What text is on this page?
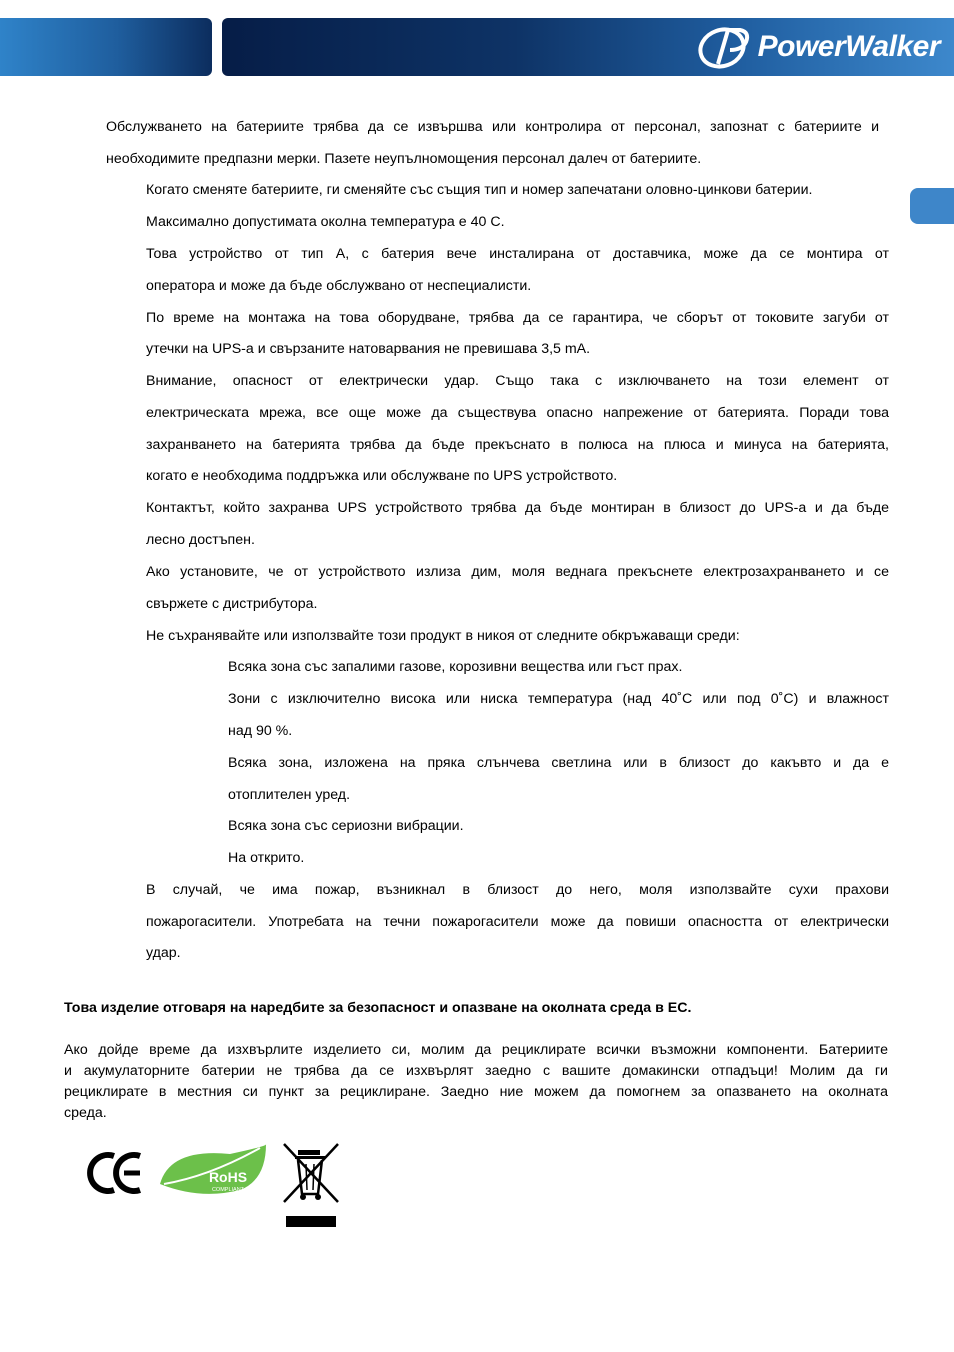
PowerWalker

Обслужването на батериите трябва да се извършва или контролира от персонал, запознат с батериите и

необходимите предпазни мерки. Пазете неупълномощения персонал далеч от батериите.

Когато сменяте батериите, ги сменяйте със същия тип и номер запечатани оловно-цинкови батерии.

Максимално допустимата околна температура е 40 C.

Това устройство от тип А, с батерия вече инсталирана от доставчика, може да се монтира от

оператора и може да бъде обслужвано от неспециалисти.

По време на монтажа на това оборудване, трябва да се гарантира, че сборът от токовите загуби от

утечки на UPS-а и свързаните натоварвания не превишава 3,5 mA.

Внимание, опасност от електрически удар. Също така с изключването на този елемент от

електрическата мрежа, все още може да съществува опасно напрежение от батерията. Поради това

захранването на батерията трябва да бъде прекъснато в полюса на плюса и минуса на батерията,

когато е необходима поддръжка или обслужване по UPS устройството.

Контактът, който захранва UPS устройството трябва да бъде монтиран в близост до UPS-а и да бъде

лесно достъпен.

Ако установите, че от устройството излиза дим, моля веднага прекъснете електрозахранването и се

свържете с дистрибутора.

Не съхранявайте или използвайте този продукт в никоя от следните обкръжаващи среди:

Всяка зона със запалими газове, корозивни вещества или гъст прах.

Зони с изключително висока или ниска температура (над 40˚C или под 0˚C) и влажност

над 90 %.

Всяка зона, изложена на пряка слънчева светлина или в близост до какъвто и да е

отоплителен уред.

Всяка зона със сериозни вибрации.

На открито.

В случай, че има пожар, възникнал в близост до него, моля използвайте сухи прахови

пожарогасители. Употребата на течни пожарогасители може да повиши опасността от електрически

удар.

Това изделие отговаря на наредбите за безопасност и опазване на околната среда в ЕС.

Ако дойде време да изхвърлите изделието си, молим да рециклирате всички възможни компоненти. Батериите

и акумулаторните батерии не трябва да се изхвърлят заедно с вашите домакински отпадъци! Молим да ги

рециклирате в местния си пункт за рециклиране. Заедно ние можем да помогнем за опазването на околната

среда.

RoHS
COMPLIANT
